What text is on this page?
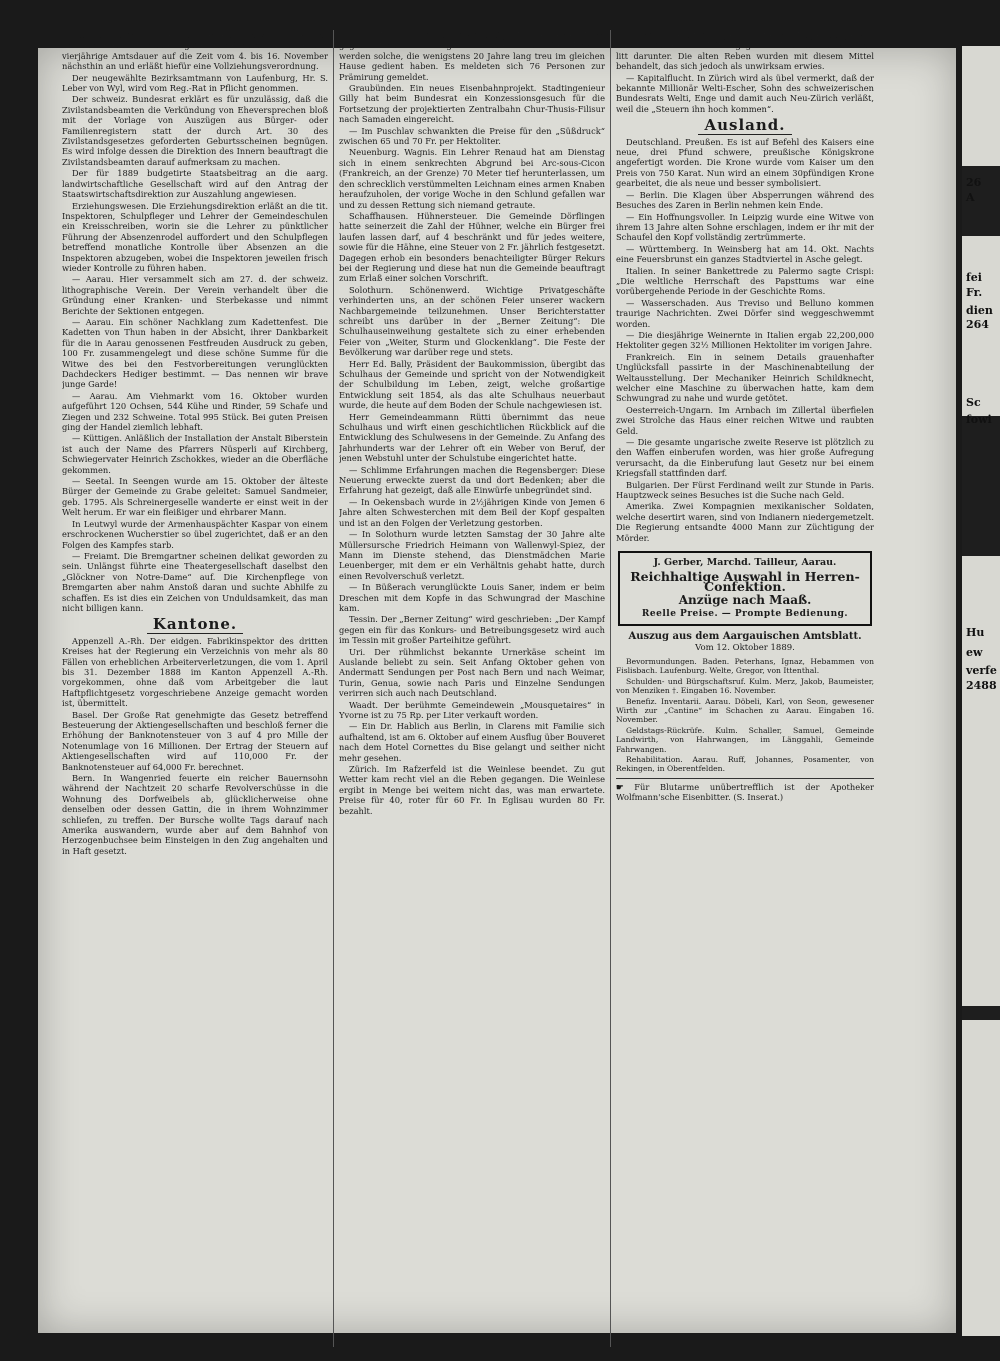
Aus den Verhandlungen des Regierungsrats. Der Reg.-Rat ordnet die Gesamterneuerung der Gemeinderäte für eine neue vierjährige Amtsdauer auf die Zeit vom 4. bis 16. November nächsthin an und erläßt hiefür eine Vollziehungsverordnung.

Der neugewählte Bezirksamtmann von Laufenburg, Hr. S. Leber von Wyl, wird vom Reg.-Rat in Pflicht genommen.

Der schweiz. Bundesrat erklärt es für unzulässig, daß die Zivilstandsbeamten die Verkündung von Eheversprechen bloß mit der Vorlage von Auszügen aus Bürger- oder Familienregistern statt der durch Art. 30 des Zivilstandsgesetzes geforderten Geburtsscheinen begnügen. Es wird infolge dessen die Direktion des Innern beauftragt die Zivilstandsbeamten darauf aufmerksam zu machen.

Der für 1889 budgetirte Staatsbeitrag an die aarg. landwirtschaftliche Gesellschaft wird auf den Antrag der Staatswirtschaftsdirektion zur Auszahlung angewiesen.

Erziehungswesen. Die Erziehungsdirektion erläßt an die tit. Inspektoren, Schulpfleger und Lehrer der Gemeindeschulen ein Kreisschreiben, worin sie die Lehrer zu pünktlicher Führung der Absenzenrodel auffordert und den Schulpflegen betreffend monatliche Kontrolle über Absenzen an die Inspektoren abzugeben, wobei die Inspektoren jeweilen frisch wieder Kontrolle zu führen haben.

— Aarau. Hier versammelt sich am 27. d. der schweiz. lithographische Verein. Der Verein verhandelt über die Gründung einer Kranken- und Sterbekasse und nimmt Berichte der Sektionen entgegen.

— Aarau. Ein schöner Nachklang zum Kadettenfest. Die Kadetten von Thun haben in der Absicht, ihrer Dankbarkeit für die in Aarau genossenen Festfreuden Ausdruck zu geben, 100 Fr. zusammengelegt und diese schöne Summe für die Witwe des bei den Festvorbereitungen verunglückten Dachdeckers Hediger bestimmt. — Das nennen wir brave junge Garde!

— Aarau. Am Viehmarkt vom 16. Oktober wurden aufgeführt 120 Ochsen, 544 Kühe und Rinder, 59 Schafe und Ziegen und 232 Schweine. Total 995 Stück. Bei guten Preisen ging der Handel ziemlich lebhaft.

— Küttigen. Anläßlich der Installation der Anstalt Biberstein ist auch der Name des Pfarrers Nüsperli auf Kirchberg, Schwiegervater Heinrich Zschokkes, wieder an die Oberfläche gekommen.

— Seetal. In Seengen wurde am 15. Oktober der älteste Bürger der Gemeinde zu Grabe geleitet: Samuel Sandmeier, geb. 1795. Als Schreinergeselle wanderte er einst weit in der Welt herum. Er war ein fleißiger und ehrbarer Mann.

In Leutwyl wurde der Armenhauspächter Kaspar von einem erschrockenen Wucherstier so übel zugerichtet, daß er an den Folgen des Kampfes starb.

— Freiamt. Die Bremgartner scheinen delikat geworden zu sein. Unlängst führte eine Theatergesellschaft daselbst den „Glöckner von Notre-Dame“ auf. Die Kirchenpflege von Bremgarten aber nahm Anstoß daran und suchte Abhilfe zu schaffen. Es ist dies ein Zeichen von Unduldsamkeit, das man nicht billigen kann.

Kantone.

Appenzell A.-Rh. Der eidgen. Fabrikinspektor des dritten Kreises hat der Regierung ein Verzeichnis von mehr als 80 Fällen von erheblichen Arbeiterverletzungen, die vom 1. April bis 31. Dezember 1888 im Kanton Appenzell A.-Rh. vorgekommen, ohne daß vom Arbeitgeber die laut Haftpflichtgesetz vorgeschriebene Anzeige gemacht worden ist, übermittelt.

Basel. Der Große Rat genehmigte das Gesetz betreffend Besteuerung der Aktiengesellschaften und beschloß ferner die Erhöhung der Banknotensteuer von 3 auf 4 pro Mille der Notenumlage von 16 Millionen. Der Ertrag der Steuern auf Aktiengesellschaften wird auf 110,000 Fr. der Banknotensteuer auf 64,000 Fr. berechnet.

Bern. In Wangenried feuerte ein reicher Bauernsohn während der Nachtzeit 20 scharfe Revolverschüsse in die Wohnung des Dorfweibels ab, glücklicherweise ohne denselben oder dessen Gattin, die in ihrem Wohnzimmer schliefen, zu treffen. Der Bursche wollte Tags darauf nach Amerika auswandern, wurde aber auf dem Bahnhof von Herzogenbuchsee beim Einsteigen in den Zug angehalten und in Haft gesetzt.

— In Burgdorf haben hochherzige Bürger einen Fond gegründet zur Prämirung alter treuer Dienstboten. Prämirt werden solche, die wenigstens 20 Jahre lang treu im gleichen Hause gedient haben. Es meldeten sich 76 Personen zur Prämirung gemeldet.

Graubünden. Ein neues Eisenbahnprojekt. Stadtingenieur Gilly hat beim Bundesrat ein Konzessionsgesuch für die Fortsetzung der projektierten Zentralbahn Chur-Thusis-Filisur nach Samaden eingereicht.

— Im Puschlav schwankten die Preise für den „Süßdruck“ zwischen 65 und 70 Fr. per Hektoliter.

Neuenburg. Wagnis. Ein Lehrer Renaud hat am Dienstag sich in einem senkrechten Abgrund bei Arc-sous-Cicon (Frankreich, an der Grenze) 70 Meter tief herunterlassen, um den schrecklich verstümmelten Leichnam eines armen Knaben heraufzuholen, der vorige Woche in den Schlund gefallen war und zu dessen Rettung sich niemand getraute.

Schaffhausen. Hühnersteuer. Die Gemeinde Dörflingen hatte seinerzeit die Zahl der Hühner, welche ein Bürger frei laufen lassen darf, auf 4 beschränkt und für jedes weitere, sowie für die Hähne, eine Steuer von 2 Fr. jährlich festgesetzt. Dagegen erhob ein besonders benachteiligter Bürger Rekurs bei der Regierung und diese hat nun die Gemeinde beauftragt zum Erlaß einer solchen Vorschrift.

Solothurn. Schönenwerd. Wichtige Privatgeschäfte verhinderten uns, an der schönen Feier unserer wackern Nachbargemeinde teilzunehmen. Unser Berichterstatter schreibt uns darüber in der „Berner Zeitung“: Die Schulhauseinweihung gestaltete sich zu einer erhebenden Feier von „Weiter, Sturm und Glockenklang“. Die Feste der Bevölkerung war darüber rege und stets.

Herr Ed. Bally, Präsident der Baukommission, übergibt das Schulhaus der Gemeinde und spricht von der Notwendigkeit der Schulbildung im Leben, zeigt, welche großartige Entwicklung seit 1854, als das alte Schulhaus neuerbaut wurde, die heute auf dem Boden der Schule nachgewiesen ist.

Herr Gemeindeammann Rütti übernimmt das neue Schulhaus und wirft einen geschichtlichen Rückblick auf die Entwicklung des Schulwesens in der Gemeinde. Zu Anfang des Jahrhunderts war der Lehrer oft ein Weber von Beruf, der jenen Webstuhl unter der Schulstube eingerichtet hatte.

— Schlimme Erfahrungen machen die Regensberger: Diese Neuerung erweckte zuerst da und dort Bedenken; aber die Erfahrung hat gezeigt, daß alle Einwürfe unbegründet sind.

— In Oekensbach wurde in 2½jährigen Kinde von Jemen 6 Jahre alten Schwesterchen mit dem Beil der Kopf gespalten und ist an den Folgen der Verletzung gestorben.

— In Solothurn wurde letzten Samstag der 30 Jahre alte Müllersursche Friedrich Heimann von Wallenwyl-Spiez, der Mann im Dienste stehend, das Dienstmädchen Marie Leuenberger, mit dem er ein Verhältnis gehabt hatte, durch einen Revolverschuß verletzt.

— In Büßerach verunglückte Louis Saner, indem er beim Dreschen mit dem Kopfe in das Schwungrad der Maschine kam.

Tessin. Der „Berner Zeitung“ wird geschrieben: „Der Kampf gegen ein für das Konkurs- und Betreibungsgesetz wird auch im Tessin mit großer Parteihitze geführt.

Uri. Der rühmlichst bekannte Urnerkäse scheint im Auslande beliebt zu sein. Seit Anfang Oktober gehen von Andermatt Sendungen per Post nach Bern und nach Weimar, Turin, Genua, sowie nach Paris und Einzelne Sendungen verirren sich auch nach Deutschland.

Waadt. Der berühmte Gemeindewein „Mousquetaires“ in Yvorne ist zu 75 Rp. per Liter verkauft worden.

— Ein Dr. Hablich aus Berlin, in Clarens mit Familie sich aufhaltend, ist am 6. Oktober auf einem Ausflug über Bouveret nach dem Hotel Cornettes du Bise gelangt und seither nicht mehr gesehen.

Zürich. Im Rafzerfeld ist die Weinlese beendet. Zu gut Wetter kam recht viel an die Reben gegangen. Die Weinlese ergibt in Menge bei weitem nicht das, was man erwartete. Preise für 40, roter für 60 Fr. In Eglisau wurden 80 Fr. bezahlt.

— Schlimme Erfahrungen machten die Regensberger mit den von Keller'schen Mittel gegen die Reblaus. Der Weinbau litt darunter. Die alten Reben wurden mit diesem Mittel behandelt, das sich jedoch als unwirksam erwies.

— Kapitalflucht. In Zürich wird als übel vermerkt, daß der bekannte Millionär Welti-Escher, Sohn des schweizerischen Bundesrats Welti, Enge und damit auch Neu-Zürich verläßt, weil die „Steuern ihn hoch kommen“.

Ausland.

Deutschland. Preußen. Es ist auf Befehl des Kaisers eine neue, drei Pfund schwere, preußische Königskrone angefertigt worden. Die Krone wurde vom Kaiser um den Preis von 750 Karat. Nun wird an einem 30pfündigen Krone gearbeitet, die als neue und besser symbolisiert.

— Berlin. Die Klagen über Absperrungen während des Besuches des Zaren in Berlin nehmen kein Ende.

— Ein Hoffnungsvoller. In Leipzig wurde eine Witwe von ihrem 13 Jahre alten Sohne erschlagen, indem er ihr mit der Schaufel den Kopf vollständig zertrümmerte.

— Württemberg. In Weinsberg hat am 14. Okt. Nachts eine Feuersbrunst ein ganzes Stadtviertel in Asche gelegt.

Italien. In seiner Bankettrede zu Palermo sagte Crispi: „Die weltliche Herrschaft des Papsttums war eine vorübergehende Periode in der Geschichte Roms.

— Wasserschaden. Aus Treviso und Belluno kommen traurige Nachrichten. Zwei Dörfer sind weggeschwemmt worden.

— Die diesjährige Weinernte in Italien ergab 22,200,000 Hektoliter gegen 32½ Millionen Hektoliter im vorigen Jahre.

Frankreich. Ein in seinem Details grauenhafter Unglücksfall passirte in der Maschinenabteilung der Weltausstellung. Der Mechaniker Heinrich Schildknecht, welcher eine Maschine zu überwachen hatte, kam dem Schwungrad zu nahe und wurde getötet.

Oesterreich-Ungarn. Im Arnbach im Zillertal überfielen zwei Strolche das Haus einer reichen Witwe und raubten Geld.

— Die gesamte ungarische zweite Reserve ist plötzlich zu den Waffen einberufen worden, was hier große Aufregung verursacht, da die Einberufung laut Gesetz nur bei einem Kriegsfall stattfinden darf.

Bulgarien. Der Fürst Ferdinand weilt zur Stunde in Paris. Hauptzweck seines Besuches ist die Suche nach Geld.

Amerika. Zwei Kompagnien mexikanischer Soldaten, welche desertirt waren, sind von Indianern niedergemetzelt. Die Regierung entsandte 4000 Mann zur Züchtigung der Mörder.

J. Gerber, Marchd. Tailleur, Aarau.
Reichhaltige Auswahl in Herren-Confektion.
Anzüge nach Maaß.
Reelle Preise. — Prompte Bedienung.
Auszug aus dem Aargauischen Amtsblatt.
Vom 12. Oktober 1889.

Bevormundungen. Baden. Peterhans, Ignaz, Hebammen von Fislisbach. Laufenburg. Welte, Gregor, von Ittenthal.

Schulden- und Bürgschaftsruf. Kulm. Merz, Jakob, Baumeister, von Menziken †. Eingaben 16. November.

Benefiz. Inventarii. Aarau. Döbeli, Karl, von Seon, gewesener Wirth zur „Cantine“ im Schachen zu Aarau. Eingaben 16. November.

Geldstags-Rückrüfe. Kulm. Schaller, Samuel, Gemeinde Landwirth, von Hahrwangen, im Länggahli, Gemeinde Fahrwangen.

Rehabilitation. Aarau. Ruff, Johannes, Posamenter, von Rekingen, in Oberentfelden.

☛ Für Blutarme unübertrefflich ist der Apotheker Wolfmann'sche Eisenbitter. (S. Inserat.)
26
A
fei
Fr.
dien
264
Sc
fowi
Hu
ew
verfe
2488
